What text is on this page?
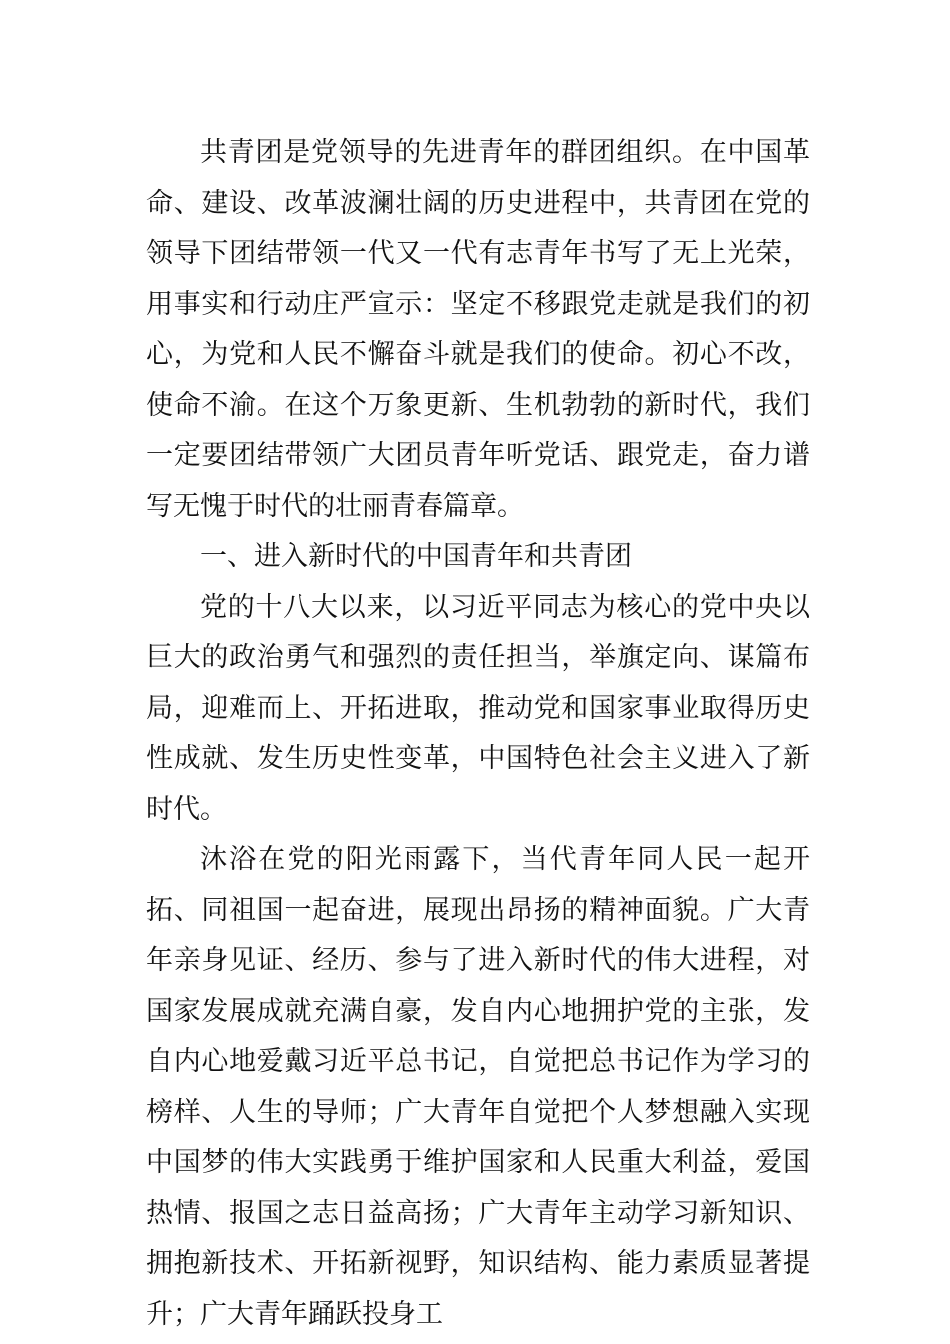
共青团是党领导的先进青年的群团组织。在中国革命、建设、改革波澜壮阔的历史进程中，共青团在党的领导下团结带领一代又一代有志青年书写了无上光荣，用事实和行动庄严宣示：坚定不移跟党走就是我们的初心，为党和人民不懈奋斗就是我们的使命。初心不改，使命不渝。在这个万象更新、生机勃勃的新时代，我们一定要团结带领广大团员青年听党话、跟党走，奋力谱写无愧于时代的壮丽青春篇章。

一、进入新时代的中国青年和共青团

党的十八大以来，以习近平同志为核心的党中央以巨大的政治勇气和强烈的责任担当，举旗定向、谋篇布局，迎难而上、开拓进取，推动党和国家事业取得历史性成就、发生历史性变革，中国特色社会主义进入了新时代。

沐浴在党的阳光雨露下，当代青年同人民一起开拓、同祖国一起奋进，展现出昂扬的精神面貌。广大青年亲身见证、经历、参与了进入新时代的伟大进程，对国家发展成就充满自豪，发自内心地拥护党的主张，发自内心地爱戴习近平总书记，自觉把总书记作为学习的榜样、人生的导师；广大青年自觉把个人梦想融入实现中国梦的伟大实践勇于维护国家和人民重大利益，爱国热情、报国之志日益高扬；广大青年主动学习新知识、拥抱新技术、开拓新视野，知识结构、能力素质显著提升；广大青年踊跃投身工
